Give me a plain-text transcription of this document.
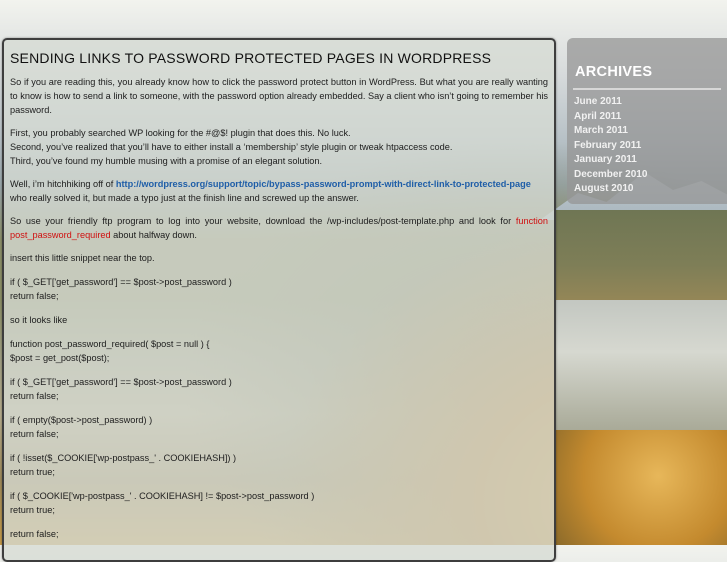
SENDING LINKS TO PASSWORD PROTECTED PAGES IN WORDPRESS

So if you are reading this, you already know how to click the password protect button in WordPress. But what you are really wanting to know is how to send a link to someone, with the password option already embedded. Say a client who isn’t going to remember his password.

First, you probably searched WP looking for the #@$! plugin that does this. No luck.
Second, you’ve realized that you’ll have to either install a ‘membership’ style plugin or tweak htpaccess code.
Third, you’ve found my humble musing with a promise of an elegant solution.

Well, i’m hitchhiking off of http://wordpress.org/support/topic/bypass-password-prompt-with-direct-link-to-protected-page
who really solved it, but made a typo just at the finish line and screwed up the answer.

So use your friendly ftp program to log into your website, download the /wp-includes/post-template.php and look for function post_password_required about halfway down.

insert this little snippet near the top.

if ( $_GET['get_password'] == $post->post_password )
return false;

so it looks like

function post_password_required( $post = null ) {
$post = get_post($post);

if ( $_GET['get_password'] == $post->post_password )
return false;

if ( empty($post->post_password) )
return false;

if ( !isset($_COOKIE['wp-postpass_' . COOKIEHASH]) )
return true;

if ( $_COOKIE['wp-postpass_' . COOKIEHASH] != $post->post_password )
return true;

return false;

ARCHIVES
June 2011
April 2011
March 2011
February 2011
January 2011
December 2010
August 2010
